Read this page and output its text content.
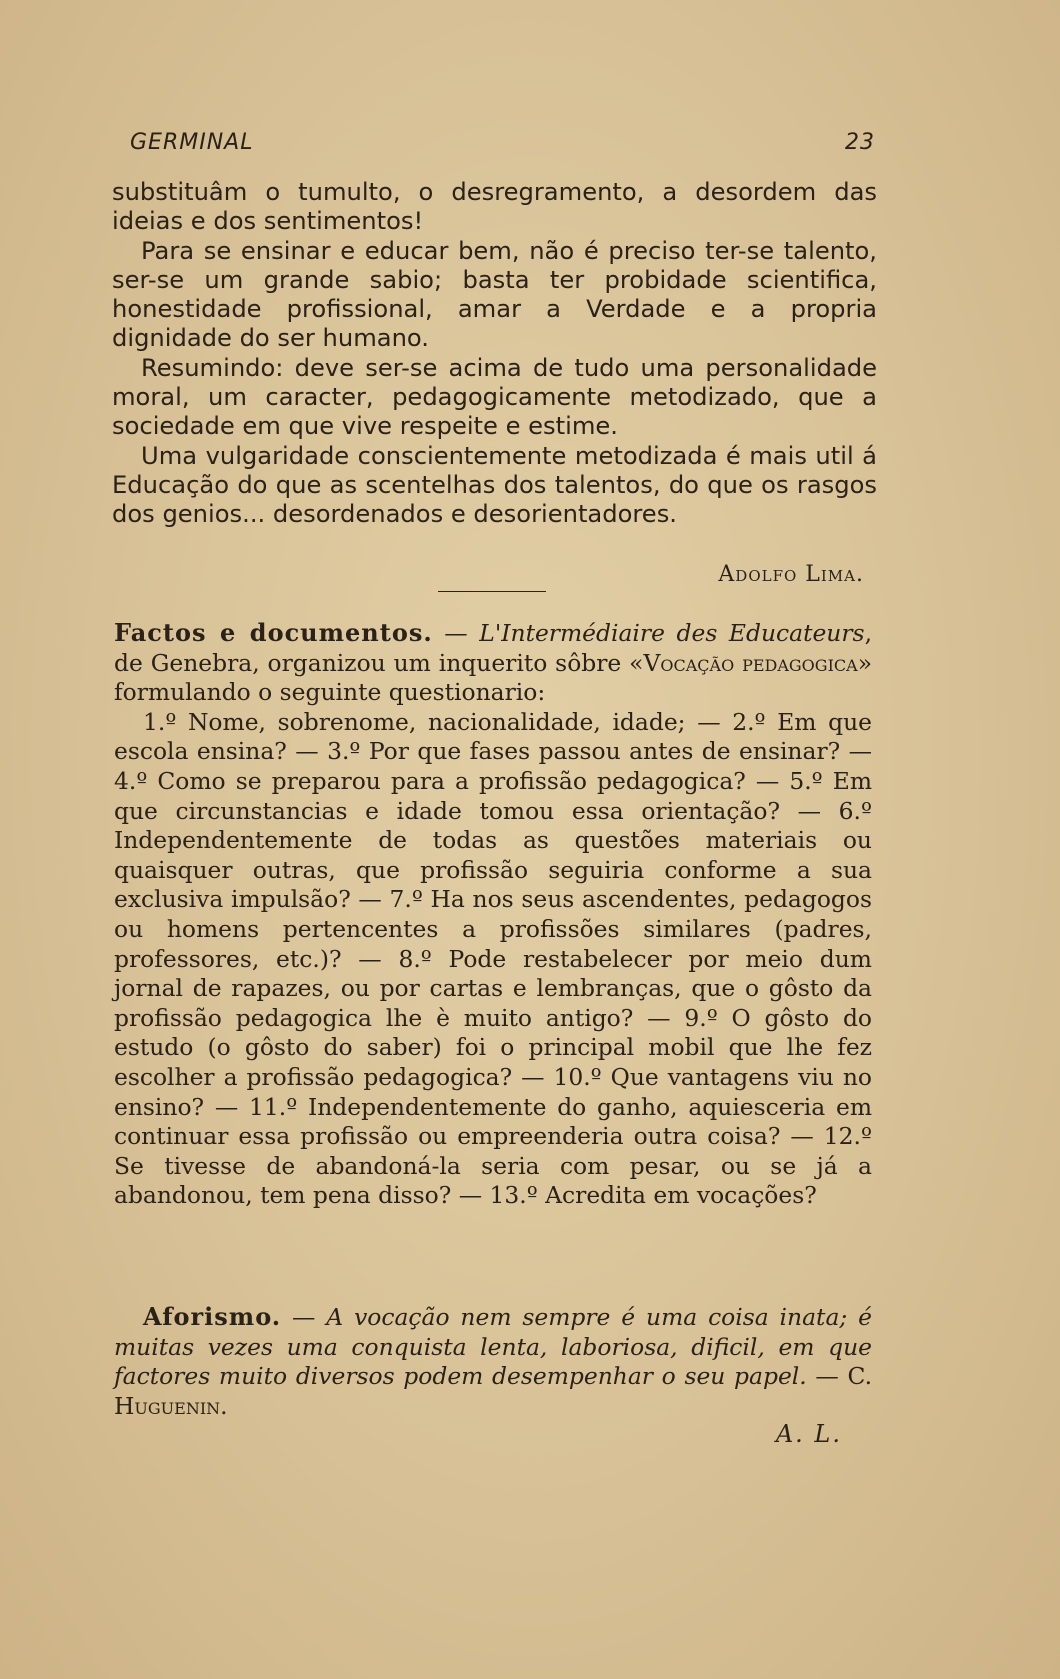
GERMINAL	23

substituâm o tumulto, o desregramento, a desordem das ideias e dos sentimentos!

Para se ensinar e educar bem, não é preciso ter-se talento, ser-se um grande sabio; basta ter probidade scientifica, honestidade profissional, amar a Verdade e a propria dignidade do ser humano.

Resumindo: deve ser-se acima de tudo uma personalidade moral, um caracter, pedagogicamente metodizado, que a sociedade em que vive respeite e estime.

Uma vulgaridade conscientemente metodizada é mais util á Educação do que as scentelhas dos talentos, do que os rasgos dos genios... desordenados e desorientadores.

Adolfo Lima.

Factos e documentos. — L'Intermédiaire des Educateurs, de Genebra, organizou um inquerito sôbre «Vocação pedagogica» formulando o seguinte questionario:

1.º Nome, sobrenome, nacionalidade, idade; — 2.º Em que escola ensina? — 3.º Por que fases passou antes de ensinar? — 4.º Como se preparou para a profissão pedagogica? — 5.º Em que circunstancias e idade tomou essa orientação? — 6.º Independentemente de todas as questões materiais ou quaisquer outras, que profissão seguiria conforme a sua exclusiva impulsão? — 7.º Ha nos seus ascendentes, pedagogos ou homens pertencentes a profissões similares (padres, professores, etc.)? — 8.º Pode restabelecer por meio dum jornal de rapazes, ou por cartas e lembranças, que o gôsto da profissão pedagogica lhe è muito antigo? — 9.º O gôsto do estudo (o gôsto do saber) foi o principal mobil que lhe fez escolher a profissão pedagogica? — 10.º Que vantagens viu no ensino? — 11.º Independentemente do ganho, aquiesceria em continuar essa profissão ou empreenderia outra coisa? — 12.º Se tivesse de abandoná-la seria com pesar, ou se já a abandonou, tem pena disso? — 13.º Acredita em vocações?

Aforismo. — A vocação nem sempre é uma coisa inata; é muitas vezes uma conquista lenta, laboriosa, dificil, em que factores muito diversos podem desempenhar o seu papel. — C. Huguenin.

A. L.
